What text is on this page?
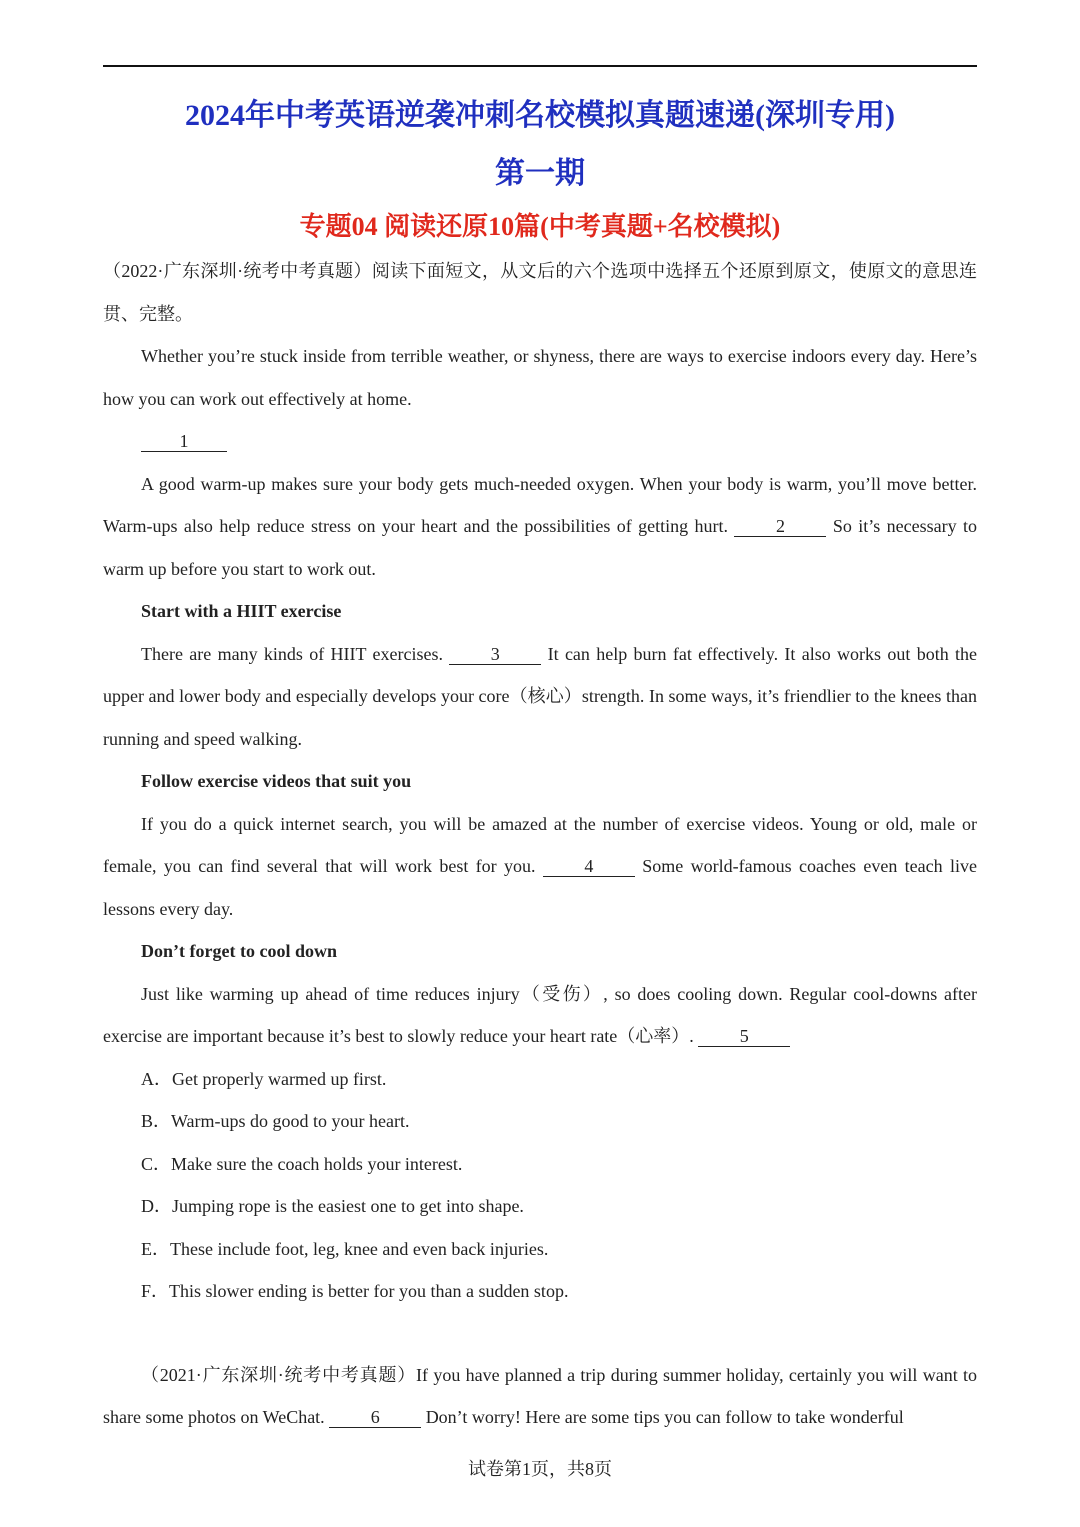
2024年中考英语逆袭冲刺名校模拟真题速递(深圳专用)
第一期
专题04 阅读还原10篇(中考真题+名校模拟)

（2022·广东深圳·统考中考真题）阅读下面短文，从文后的六个选项中选择五个还原到原文，使原文的意思连贯、完整。

Whether you’re stuck inside from terrible weather, or shyness, there are ways to exercise indoors every day. Here’s how you can work out effectively at home.

1

A good warm-up makes sure your body gets much-needed oxygen. When your body is warm, you’ll move better. Warm-ups also help reduce stress on your heart and the possibilities of getting hurt.	2	So it’s necessary to warm up before you start to work out.

Start with a HIIT exercise

There are many kinds of HIIT exercises.	3	It can help burn fat effectively. It also works out both the upper and lower body and especially develops your core（核心）strength. In some ways, it’s friendlier to the knees than running and speed walking.

Follow exercise videos that suit you

If you do a quick internet search, you will be amazed at the number of exercise videos. Young or old, male or female, you can find several that will work best for you.	4	Some world-famous coaches even teach live lessons every day.

Don’t forget to cool down

Just like warming up ahead of time reduces injury（受伤）, so does cooling down. Regular cool-downs after exercise are important because it’s best to slowly reduce your heart rate（心率）.	5

A．Get properly warmed up first.

B．Warm-ups do good to your heart.

C．Make sure the coach holds your interest.

D．Jumping rope is the easiest one to get into shape.

E．These include foot, leg, knee and even back injuries.

F．This slower ending is better for you than a sudden stop.

（2021·广东深圳·统考中考真题）If you have planned a trip during summer holiday, certainly you will want to share some photos on WeChat.	6	Don’t worry! Here are some tips you can follow to take wonderful

试卷第1页，共8页
